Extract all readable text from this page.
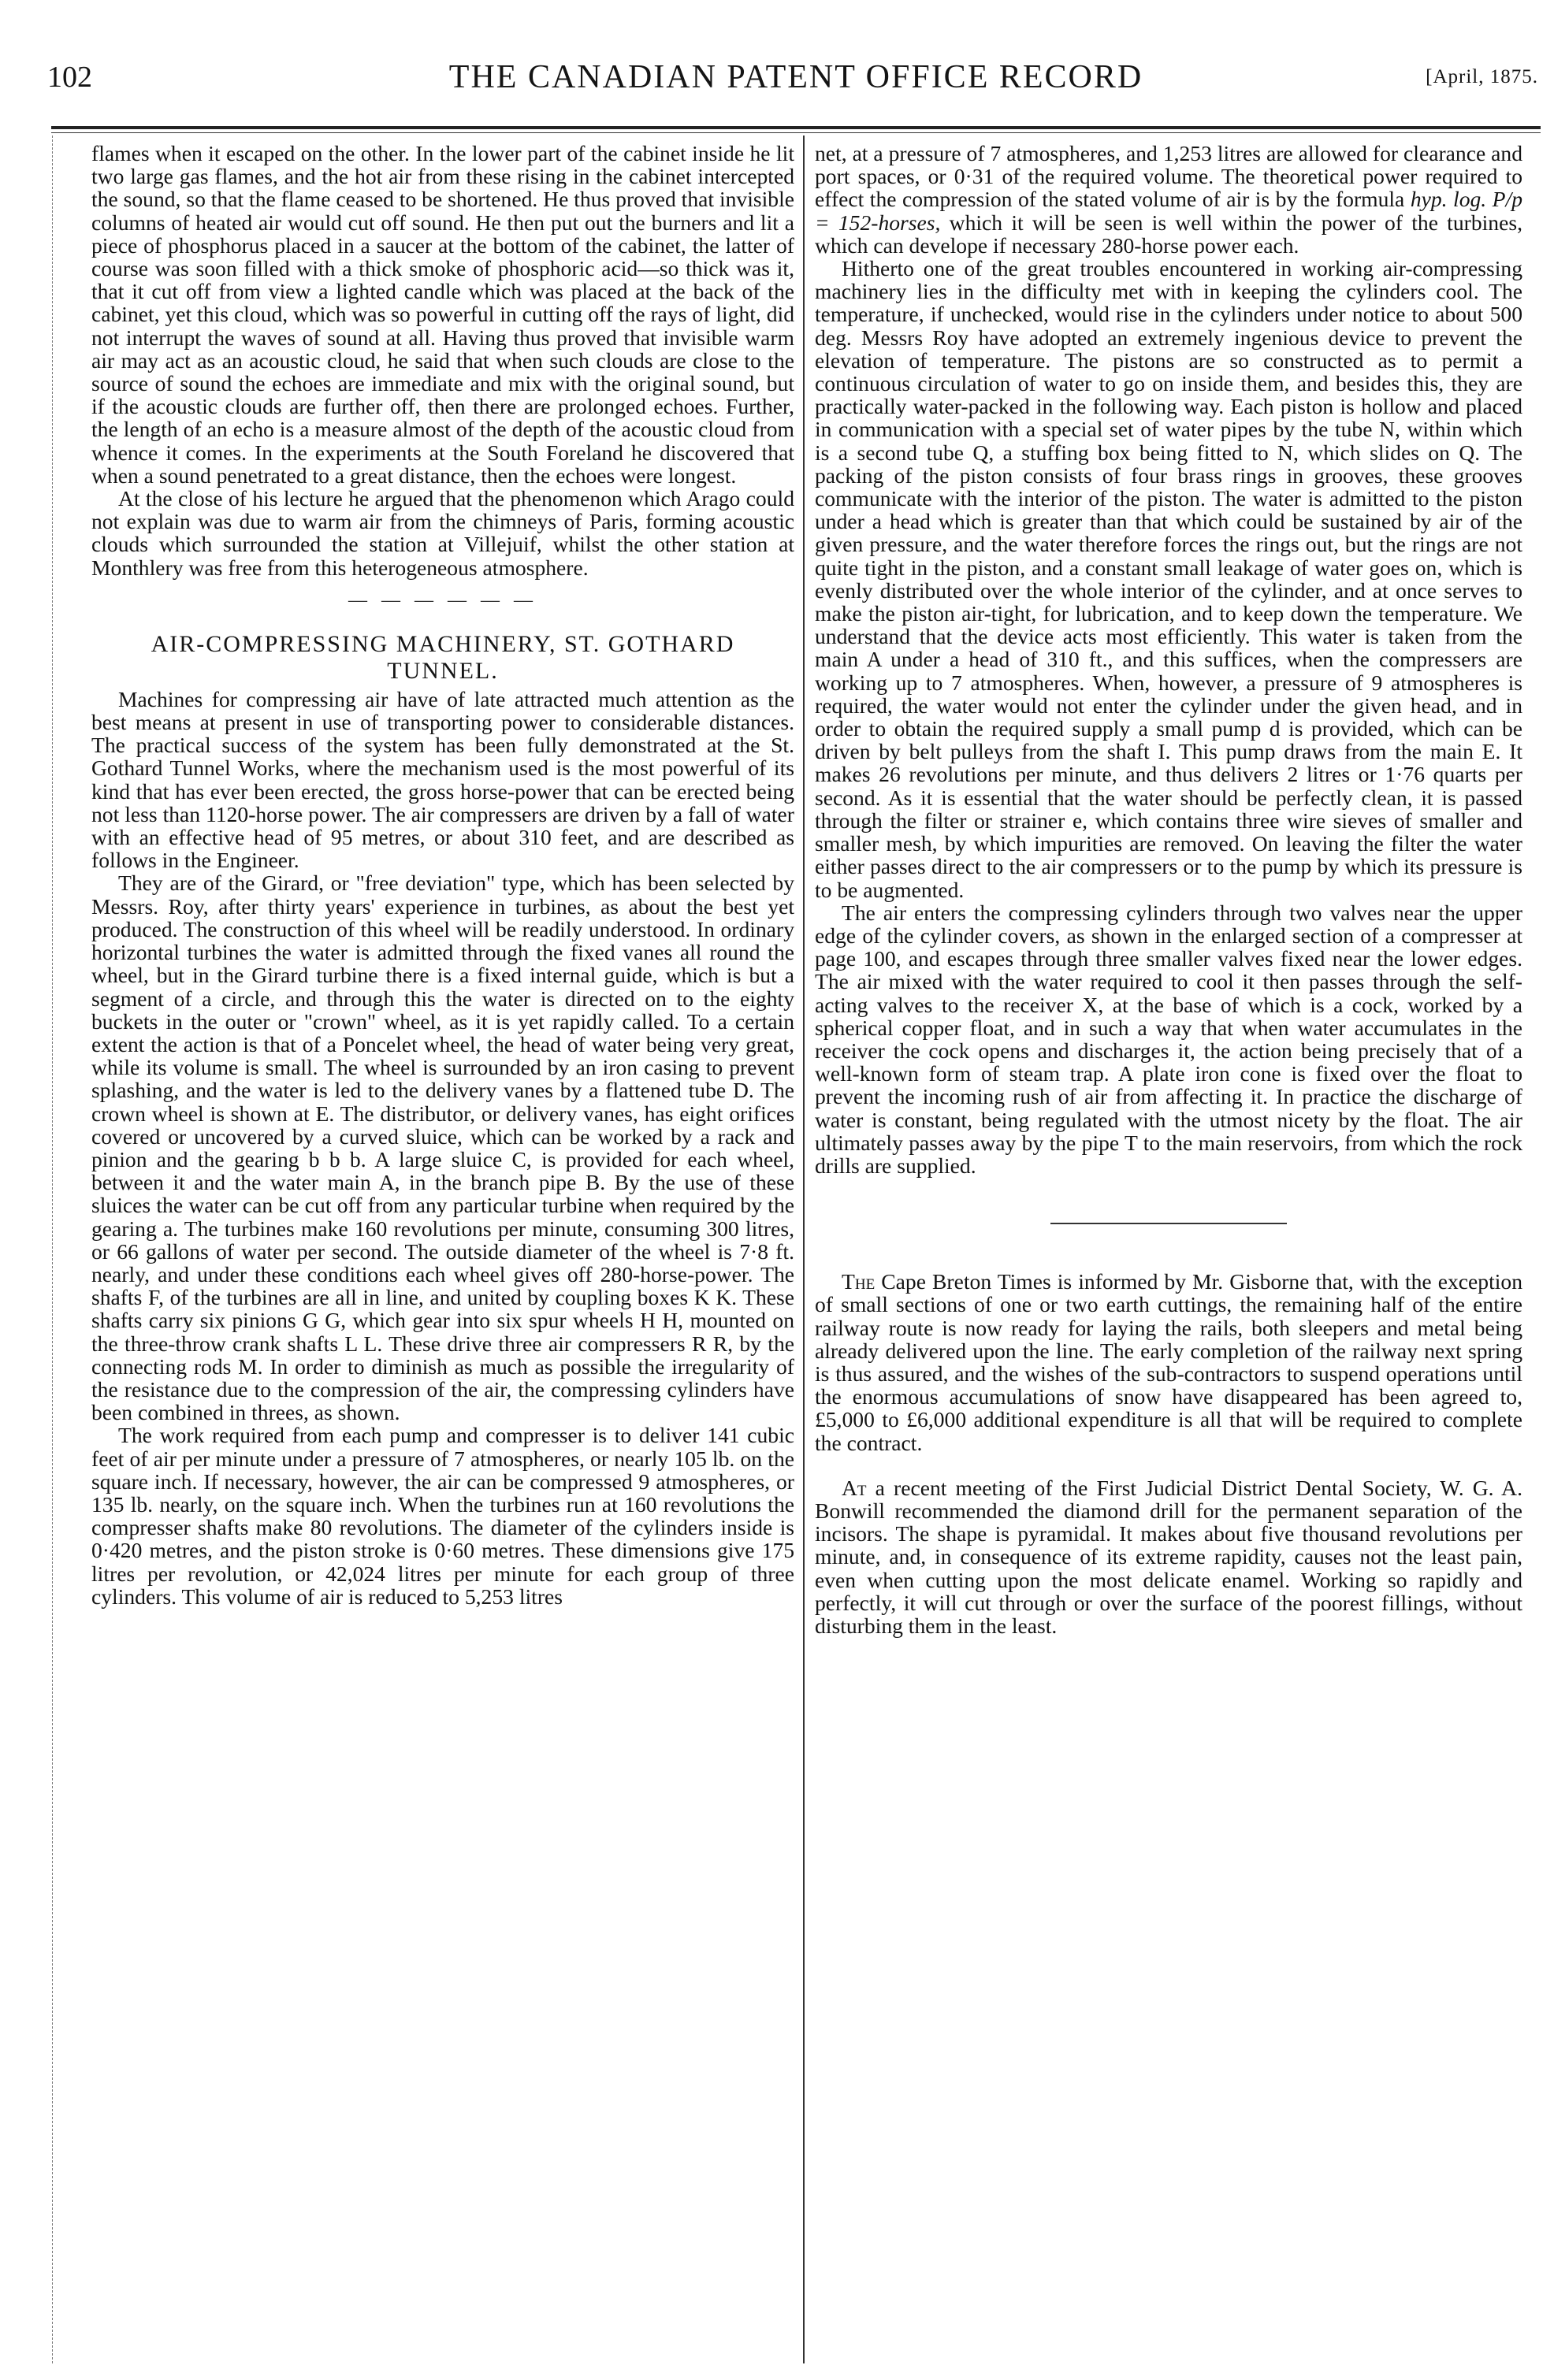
102	THE CANADIAN PATENT OFFICE RECORD	[April, 1875.

flames when it escaped on the other. In the lower part of the cabinet inside he lit two large gas flames, and the hot air from these rising in the cabinet intercepted the sound, so that the flame ceased to be shortened. He thus proved that invisible columns of heated air would cut off sound. He then put out the burners and lit a piece of phosphorus placed in a saucer at the bottom of the cabinet, the latter of course was soon filled with a thick smoke of phosphoric acid—so thick was it, that it cut off from view a lighted candle which was placed at the back of the cabinet, yet this cloud, which was so powerful in cutting off the rays of light, did not interrupt the waves of sound at all. Having thus proved that invisible warm air may act as an acoustic cloud, he said that when such clouds are close to the source of sound the echoes are immediate and mix with the original sound, but if the acoustic clouds are further off, then there are prolonged echoes. Further, the length of an echo is a measure almost of the depth of the acoustic cloud from whence it comes. In the experiments at the South Foreland he discovered that when a sound penetrated to a great distance, then the echoes were longest.

At the close of his lecture he argued that the phenomenon which Arago could not explain was due to warm air from the chimneys of Paris, forming acoustic clouds which surrounded the station at Villejuif, whilst the other station at Monthlery was free from this heterogeneous atmosphere.

— — — — — —
AIR-COMPRESSING MACHINERY, ST. GOTHARD
TUNNEL.

Machines for compressing air have of late attracted much attention as the best means at present in use of transporting power to considerable distances. The practical success of the system has been fully demonstrated at the St. Gothard Tunnel Works, where the mechanism used is the most powerful of its kind that has ever been erected, the gross horse-power that can be erected being not less than 1120-horse power. The air compressers are driven by a fall of water with an effective head of 95 metres, or about 310 feet, and are described as follows in the Engineer.

They are of the Girard, or "free deviation" type, which has been selected by Messrs. Roy, after thirty years' experience in turbines, as about the best yet produced. The construction of this wheel will be readily understood. In ordinary horizontal turbines the water is admitted through the fixed vanes all round the wheel, but in the Girard turbine there is a fixed internal guide, which is but a segment of a circle, and through this the water is directed on to the eighty buckets in the outer or "crown" wheel, as it is yet rapidly called. To a certain extent the action is that of a Poncelet wheel, the head of water being very great, while its volume is small. The wheel is surrounded by an iron casing to prevent splashing, and the water is led to the delivery vanes by a flattened tube D. The crown wheel is shown at E. The distributor, or delivery vanes, has eight orifices covered or uncovered by a curved sluice, which can be worked by a rack and pinion and the gearing b b b. A large sluice C, is provided for each wheel, between it and the water main A, in the branch pipe B. By the use of these sluices the water can be cut off from any particular turbine when required by the gearing a. The turbines make 160 revolutions per minute, consuming 300 litres, or 66 gallons of water per second. The outside diameter of the wheel is 7·8 ft. nearly, and under these conditions each wheel gives off 280-horse-power. The shafts F, of the turbines are all in line, and united by coupling boxes K K. These shafts carry six pinions G G, which gear into six spur wheels H H, mounted on the three-throw crank shafts L L. These drive three air compressers R R, by the connecting rods M. In order to diminish as much as possible the irregularity of the resistance due to the compression of the air, the compressing cylinders have been combined in threes, as shown.

The work required from each pump and compresser is to deliver 141 cubic feet of air per minute under a pressure of 7 atmospheres, or nearly 105 lb. on the square inch. If necessary, however, the air can be compressed 9 atmospheres, or 135 lb. nearly, on the square inch. When the turbines run at 160 revolutions the compresser shafts make 80 revolutions. The diameter of the cylinders inside is 0·420 metres, and the piston stroke is 0·60 metres. These dimensions give 175 litres per revolution, or 42,024 litres per minute for each group of three cylinders. This volume of air is reduced to 5,253 litres

net, at a pressure of 7 atmospheres, and 1,253 litres are allowed for clearance and port spaces, or 0·31 of the required volume. The theoretical power required to effect the compression of the stated volume of air is by the formula hyp. log. P/p = 152-horses, which it will be seen is well within the power of the turbines, which can develope if necessary 280-horse power each.

Hitherto one of the great troubles encountered in working air-compressing machinery lies in the difficulty met with in keeping the cylinders cool. The temperature, if unchecked, would rise in the cylinders under notice to about 500 deg. Messrs Roy have adopted an extremely ingenious device to prevent the elevation of temperature. The pistons are so constructed as to permit a continuous circulation of water to go on inside them, and besides this, they are practically water-packed in the following way. Each piston is hollow and placed in communication with a special set of water pipes by the tube N, within which is a second tube Q, a stuffing box being fitted to N, which slides on Q. The packing of the piston consists of four brass rings in grooves, these grooves communicate with the interior of the piston. The water is admitted to the piston under a head which is greater than that which could be sustained by air of the given pressure, and the water therefore forces the rings out, but the rings are not quite tight in the piston, and a constant small leakage of water goes on, which is evenly distributed over the whole interior of the cylinder, and at once serves to make the piston air-tight, for lubrication, and to keep down the temperature. We understand that the device acts most efficiently. This water is taken from the main A under a head of 310 ft., and this suffices, when the compressers are working up to 7 atmospheres. When, however, a pressure of 9 atmospheres is required, the water would not enter the cylinder under the given head, and in order to obtain the required supply a small pump d is provided, which can be driven by belt pulleys from the shaft I. This pump draws from the main E. It makes 26 revolutions per minute, and thus delivers 2 litres or 1·76 quarts per second. As it is essential that the water should be perfectly clean, it is passed through the filter or strainer e, which contains three wire sieves of smaller and smaller mesh, by which impurities are removed. On leaving the filter the water either passes direct to the air compressers or to the pump by which its pressure is to be augmented.

The air enters the compressing cylinders through two valves near the upper edge of the cylinder covers, as shown in the enlarged section of a compresser at page 100, and escapes through three smaller valves fixed near the lower edges. The air mixed with the water required to cool it then passes through the self-acting valves to the receiver X, at the base of which is a cock, worked by a spherical copper float, and in such a way that when water accumulates in the receiver the cock opens and discharges it, the action being precisely that of a well-known form of steam trap. A plate iron cone is fixed over the float to prevent the incoming rush of air from affecting it. In practice the discharge of water is constant, being regulated with the utmost nicety by the float. The air ultimately passes away by the pipe T to the main reservoirs, from which the rock drills are supplied.

The Cape Breton Times is informed by Mr. Gisborne that, with the exception of small sections of one or two earth cuttings, the remaining half of the entire railway route is now ready for laying the rails, both sleepers and metal being already delivered upon the line. The early completion of the railway next spring is thus assured, and the wishes of the sub-contractors to suspend operations until the enormous accumulations of snow have disappeared has been agreed to, £5,000 to £6,000 additional expenditure is all that will be required to complete the contract.

At a recent meeting of the First Judicial District Dental Society, W. G. A. Bonwill recommended the diamond drill for the permanent separation of the incisors. The shape is pyramidal. It makes about five thousand revolutions per minute, and, in consequence of its extreme rapidity, causes not the least pain, even when cutting upon the most delicate enamel. Working so rapidly and perfectly, it will cut through or over the surface of the poorest fillings, without disturbing them in the least.
